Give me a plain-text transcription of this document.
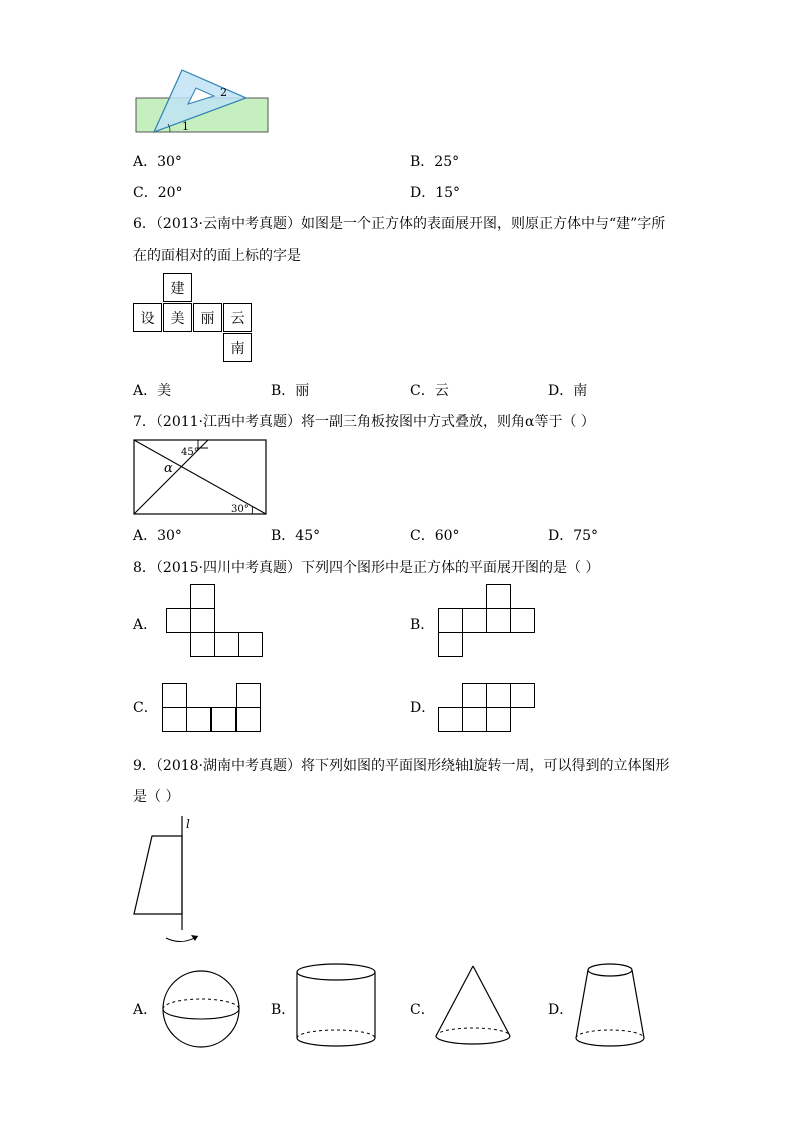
1
2
A．30°	B．25°
C．20°	D．15°
6．（2013·云南中考真题）如图是一个正方体的表面展开图，则原正方体中与“建”字所
在的面相对的面上标的字是
建
设	美	丽	云
南
A．美	B．丽	C．云	D．南
7．（2011·江西中考真题）将一副三角板按图中方式叠放，则角α等于（ ）
45°
α
30°
A．30°	B．45°	C．60°	D．75°
8．（2015·四川中考真题）下列四个图形中是正方体的平面展开图的是（ ）
A．	B．
C．	D．
9．（2018·湖南中考真题）将下列如图的平面图形绕轴l旋转一周，可以得到的立体图形
是（ ）
l
A．	B．	C．	D．
